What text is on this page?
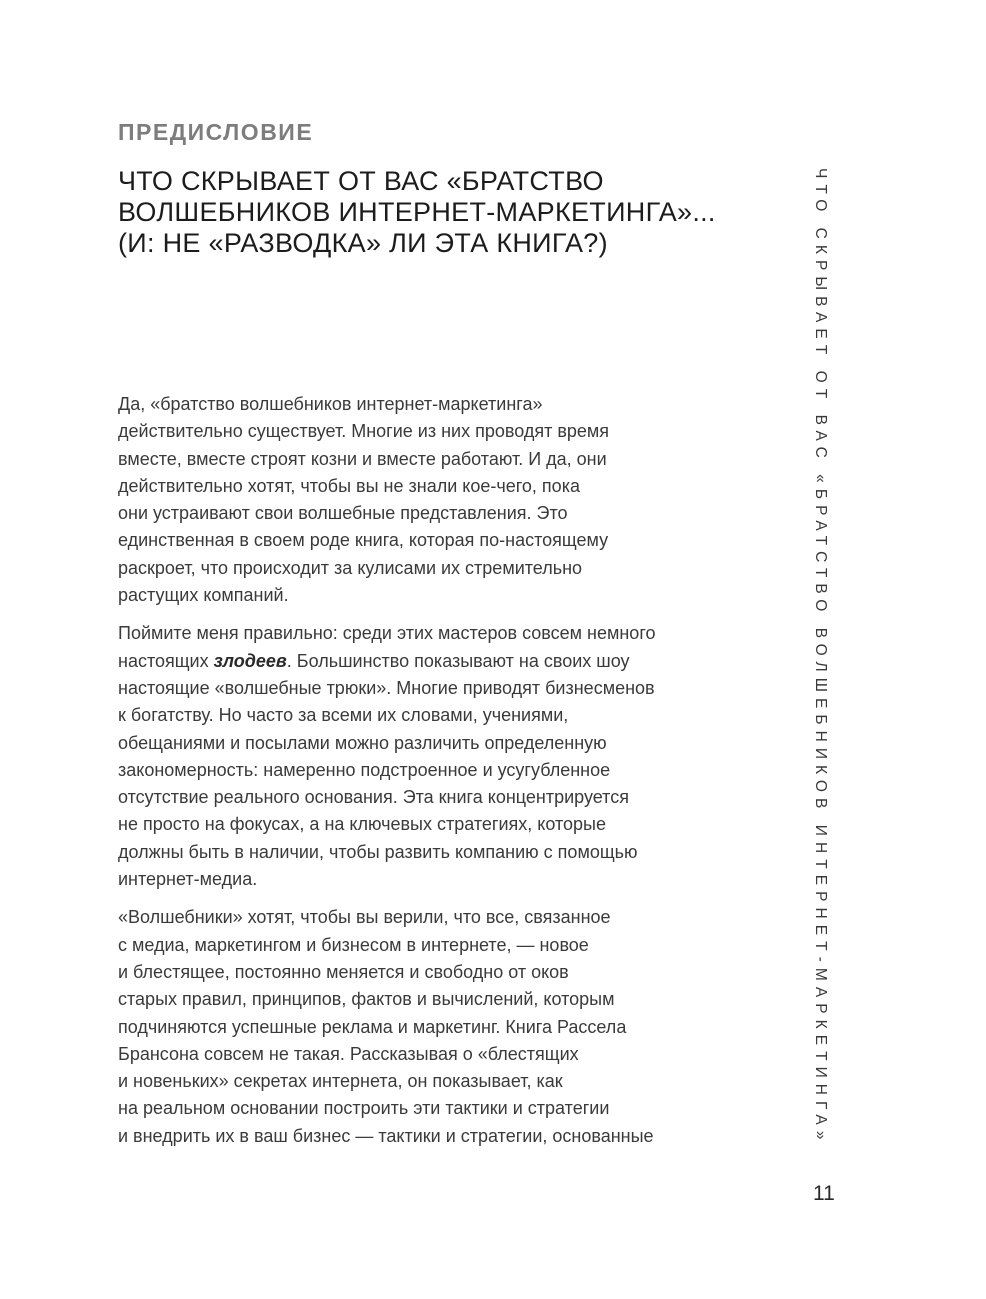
ПРЕДИСЛОВИЕ
ЧТО СКРЫВАЕТ ОТ ВАС «БРАТСТВО
ВОЛШЕБНИКОВ ИНТЕРНЕТ-МАРКЕТИНГА»...
(И: НЕ «РАЗВОДКА» ЛИ ЭТА КНИГА?)

Да, «братство волшебников интернет-маркетинга»
действительно существует. Многие из них проводят время
вместе, вместе строят козни и вместе работают. И да, они
действительно хотят, чтобы вы не знали кое-чего, пока
они устраивают свои волшебные представления. Это
единственная в своем роде книга, которая по-настоящему
раскроет, что происходит за кулисами их стремительно
растущих компаний.

Поймите меня правильно: среди этих мастеров совсем немного
настоящих злодеев. Большинство показывают на своих шоу
настоящие «волшебные трюки». Многие приводят бизнесменов
к богатству. Но часто за всеми их словами, учениями,
обещаниями и посылами можно различить определенную
закономерность: намеренно подстроенное и усугубленное
отсутствие реального основания. Эта книга концентрируется
не просто на фокусах, а на ключевых стратегиях, которые
должны быть в наличии, чтобы развить компанию с помощью
интернет-медиа.

«Волшебники» хотят, чтобы вы верили, что все, связанное
с медиа, маркетингом и бизнесом в интернете, — новое
и блестящее, постоянно меняется и свободно от оков
старых правил, принципов, фактов и вычислений, которым
подчиняются успешные реклама и маркетинг. Книга Рассела
Брансона совсем не такая. Рассказывая о «блестящих
и новеньких» секретах интернета, он показывает, как
на реальном основании построить эти тактики и стратегии
и внедрить их в ваш бизнес — тактики и стратегии, основанные	ЧТО СКРЫВАЕТ ОТ ВАС «БРАТСТВО ВОЛШЕБНИКОВ ИНТЕРНЕТ-МАРКЕТИНГА»

11
